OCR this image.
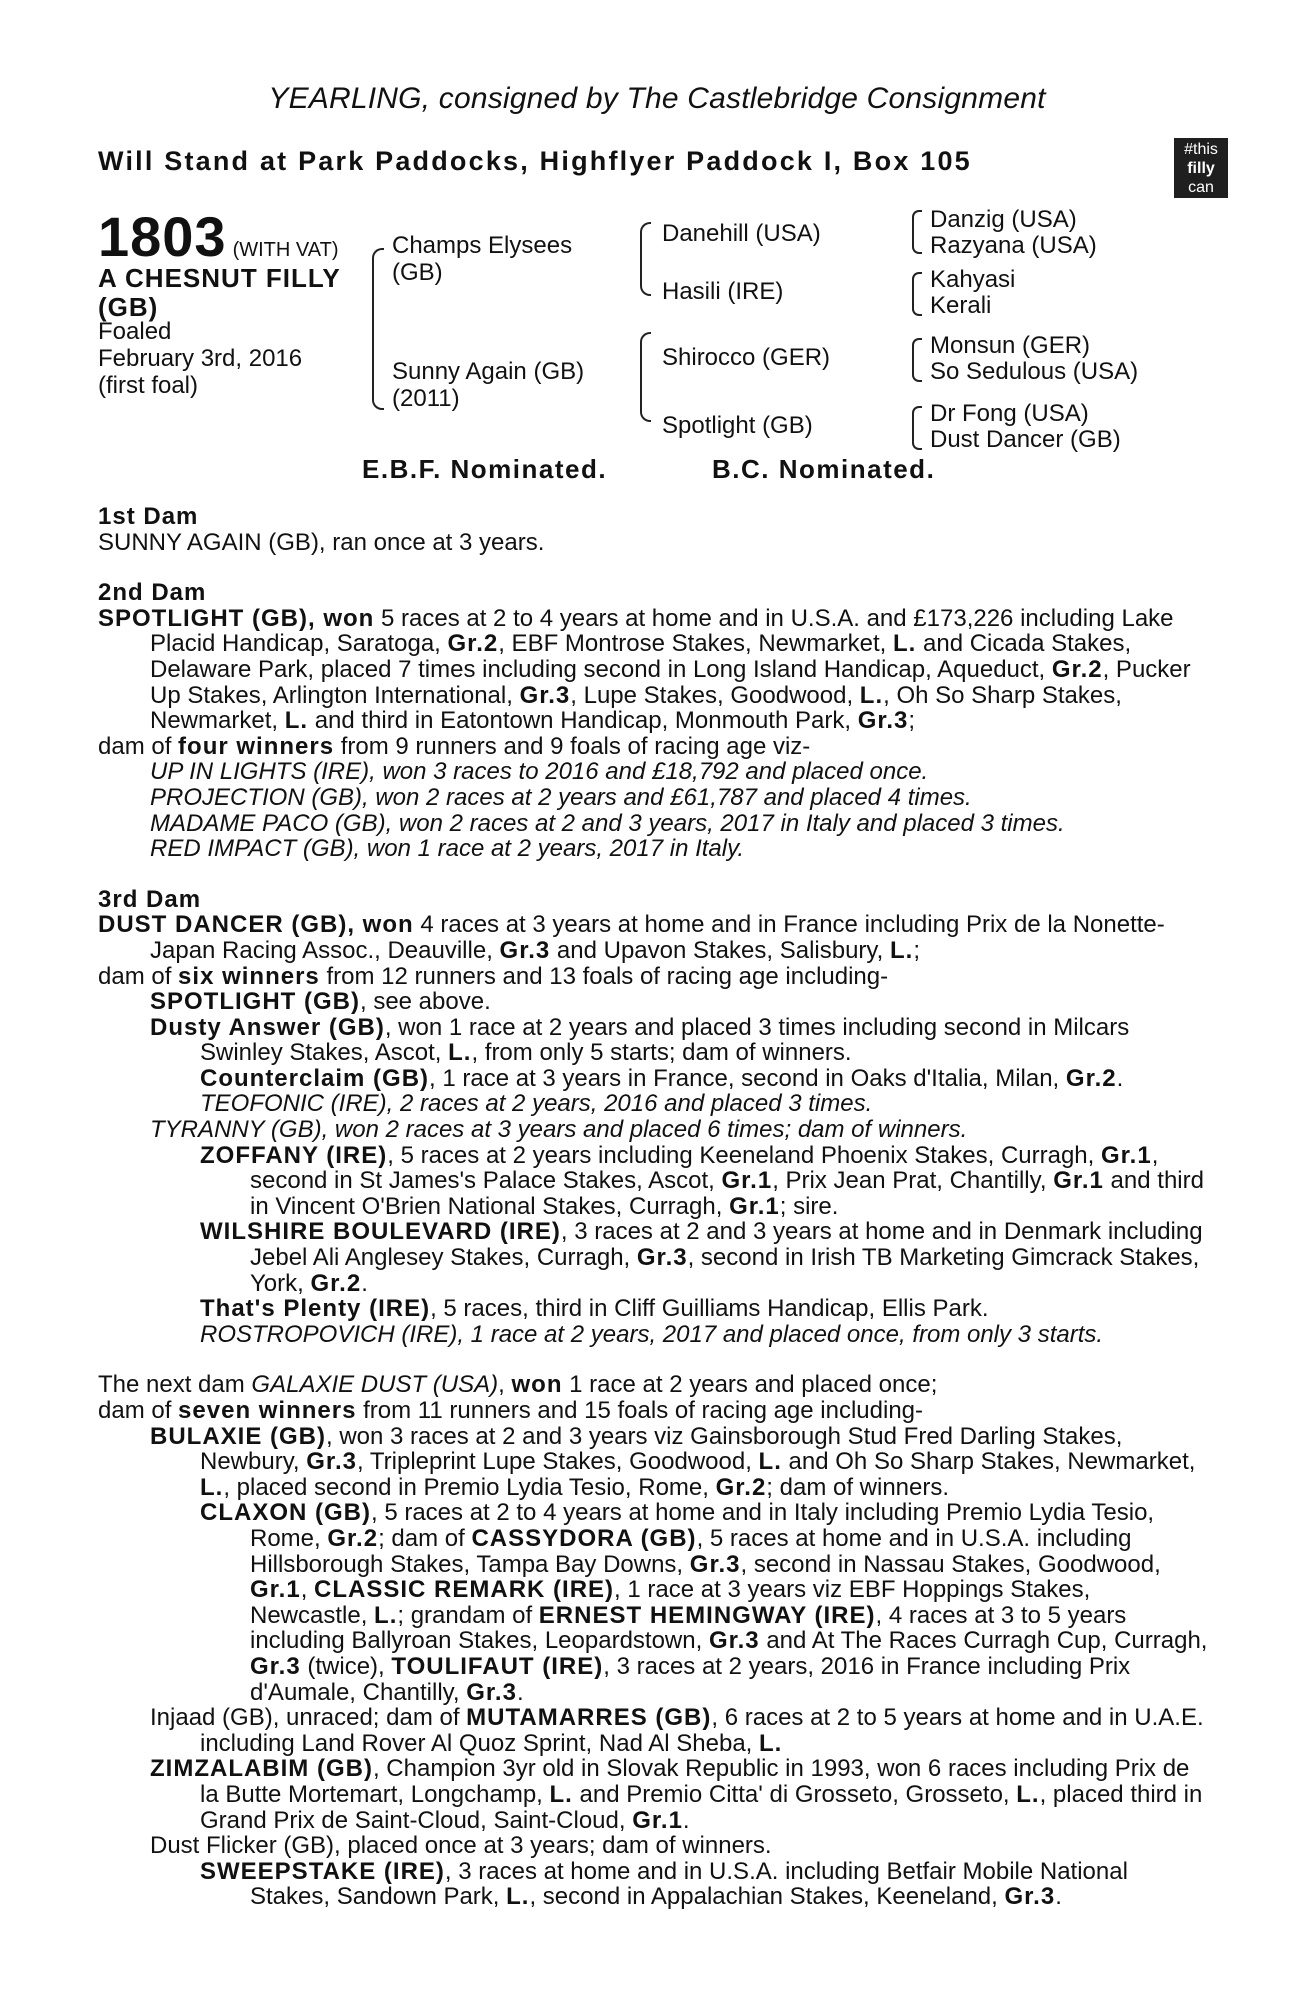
YEARLING, consigned by The Castlebridge Consignment
Will Stand at Park Paddocks, Highflyer Paddock I, Box 105	#this
filly
can
1803 (WITH VAT)
A CHESNUT FILLY
(GB)
Foaled
February 3rd, 2016
(first foal)
Champs Elysees
(GB)
Sunny Again (GB)
(2011)
Danehill (USA)
Hasili (IRE)
Shirocco (GER)
Spotlight (GB)
Danzig (USA)
Razyana (USA)
Kahyasi
Kerali
Monsun (GER)
So Sedulous (USA)
Dr Fong (USA)
Dust Dancer (GB)
E.B.F. Nominated.	B.C. Nominated.
1st Dam
SUNNY AGAIN (GB), ran once at 3 years.
2nd Dam
SPOTLIGHT (GB), won 5 races at 2 to 4 years at home and in U.S.A. and £173,226 including Lake Placid Handicap, Saratoga, Gr.2, EBF Montrose Stakes, Newmarket, L. and Cicada Stakes, Delaware Park, placed 7 times including second in Long Island Handicap, Aqueduct, Gr.2, Pucker Up Stakes, Arlington International, Gr.3, Lupe Stakes, Goodwood, L., Oh So Sharp Stakes, Newmarket, L. and third in Eatontown Handicap, Monmouth Park, Gr.3;
dam of four winners from 9 runners and 9 foals of racing age viz-
UP IN LIGHTS (IRE), won 3 races to 2016 and £18,792 and placed once.
PROJECTION (GB), won 2 races at 2 years and £61,787 and placed 4 times.
MADAME PACO (GB), won 2 races at 2 and 3 years, 2017 in Italy and placed 3 times.
RED IMPACT (GB), won 1 race at 2 years, 2017 in Italy.
3rd Dam
DUST DANCER (GB), won 4 races at 3 years at home and in France including Prix de la Nonette-Japan Racing Assoc., Deauville, Gr.3 and Upavon Stakes, Salisbury, L.;
dam of six winners from 12 runners and 13 foals of racing age including-
SPOTLIGHT (GB), see above.
Dusty Answer (GB), won 1 race at 2 years and placed 3 times including second in Milcars Swinley Stakes, Ascot, L., from only 5 starts; dam of winners.
Counterclaim (GB), 1 race at 3 years in France, second in Oaks d'Italia, Milan, Gr.2.
TEOFONIC (IRE), 2 races at 2 years, 2016 and placed 3 times.
TYRANNY (GB), won 2 races at 3 years and placed 6 times; dam of winners.
ZOFFANY (IRE), 5 races at 2 years including Keeneland Phoenix Stakes, Curragh, Gr.1, second in St James's Palace Stakes, Ascot, Gr.1, Prix Jean Prat, Chantilly, Gr.1 and third in Vincent O'Brien National Stakes, Curragh, Gr.1; sire.
WILSHIRE BOULEVARD (IRE), 3 races at 2 and 3 years at home and in Denmark including Jebel Ali Anglesey Stakes, Curragh, Gr.3, second in Irish TB Marketing Gimcrack Stakes, York, Gr.2.
That's Plenty (IRE), 5 races, third in Cliff Guilliams Handicap, Ellis Park.
ROSTROPOVICH (IRE), 1 race at 2 years, 2017 and placed once, from only 3 starts.
The next dam GALAXIE DUST (USA), won 1 race at 2 years and placed once;
dam of seven winners from 11 runners and 15 foals of racing age including-
BULAXIE (GB), won 3 races at 2 and 3 years viz Gainsborough Stud Fred Darling Stakes, Newbury, Gr.3, Tripleprint Lupe Stakes, Goodwood, L. and Oh So Sharp Stakes, Newmarket, L., placed second in Premio Lydia Tesio, Rome, Gr.2; dam of winners.
CLAXON (GB), 5 races at 2 to 4 years at home and in Italy including Premio Lydia Tesio, Rome, Gr.2; dam of CASSYDORA (GB), 5 races at home and in U.S.A. including Hillsborough Stakes, Tampa Bay Downs, Gr.3, second in Nassau Stakes, Goodwood, Gr.1, CLASSIC REMARK (IRE), 1 race at 3 years viz EBF Hoppings Stakes, Newcastle, L.; grandam of ERNEST HEMINGWAY (IRE), 4 races at 3 to 5 years including Ballyroan Stakes, Leopardstown, Gr.3 and At The Races Curragh Cup, Curragh, Gr.3 (twice), TOULIFAUT (IRE), 3 races at 2 years, 2016 in France including Prix d'Aumale, Chantilly, Gr.3.
Injaad (GB), unraced; dam of MUTAMARRES (GB), 6 races at 2 to 5 years at home and in U.A.E. including Land Rover Al Quoz Sprint, Nad Al Sheba, L.
ZIMZALABIM (GB), Champion 3yr old in Slovak Republic in 1993, won 6 races including Prix de la Butte Mortemart, Longchamp, L. and Premio Citta' di Grosseto, Grosseto, L., placed third in Grand Prix de Saint-Cloud, Saint-Cloud, Gr.1.
Dust Flicker (GB), placed once at 3 years; dam of winners.
SWEEPSTAKE (IRE), 3 races at home and in U.S.A. including Betfair Mobile National Stakes, Sandown Park, L., second in Appalachian Stakes, Keeneland, Gr.3.
